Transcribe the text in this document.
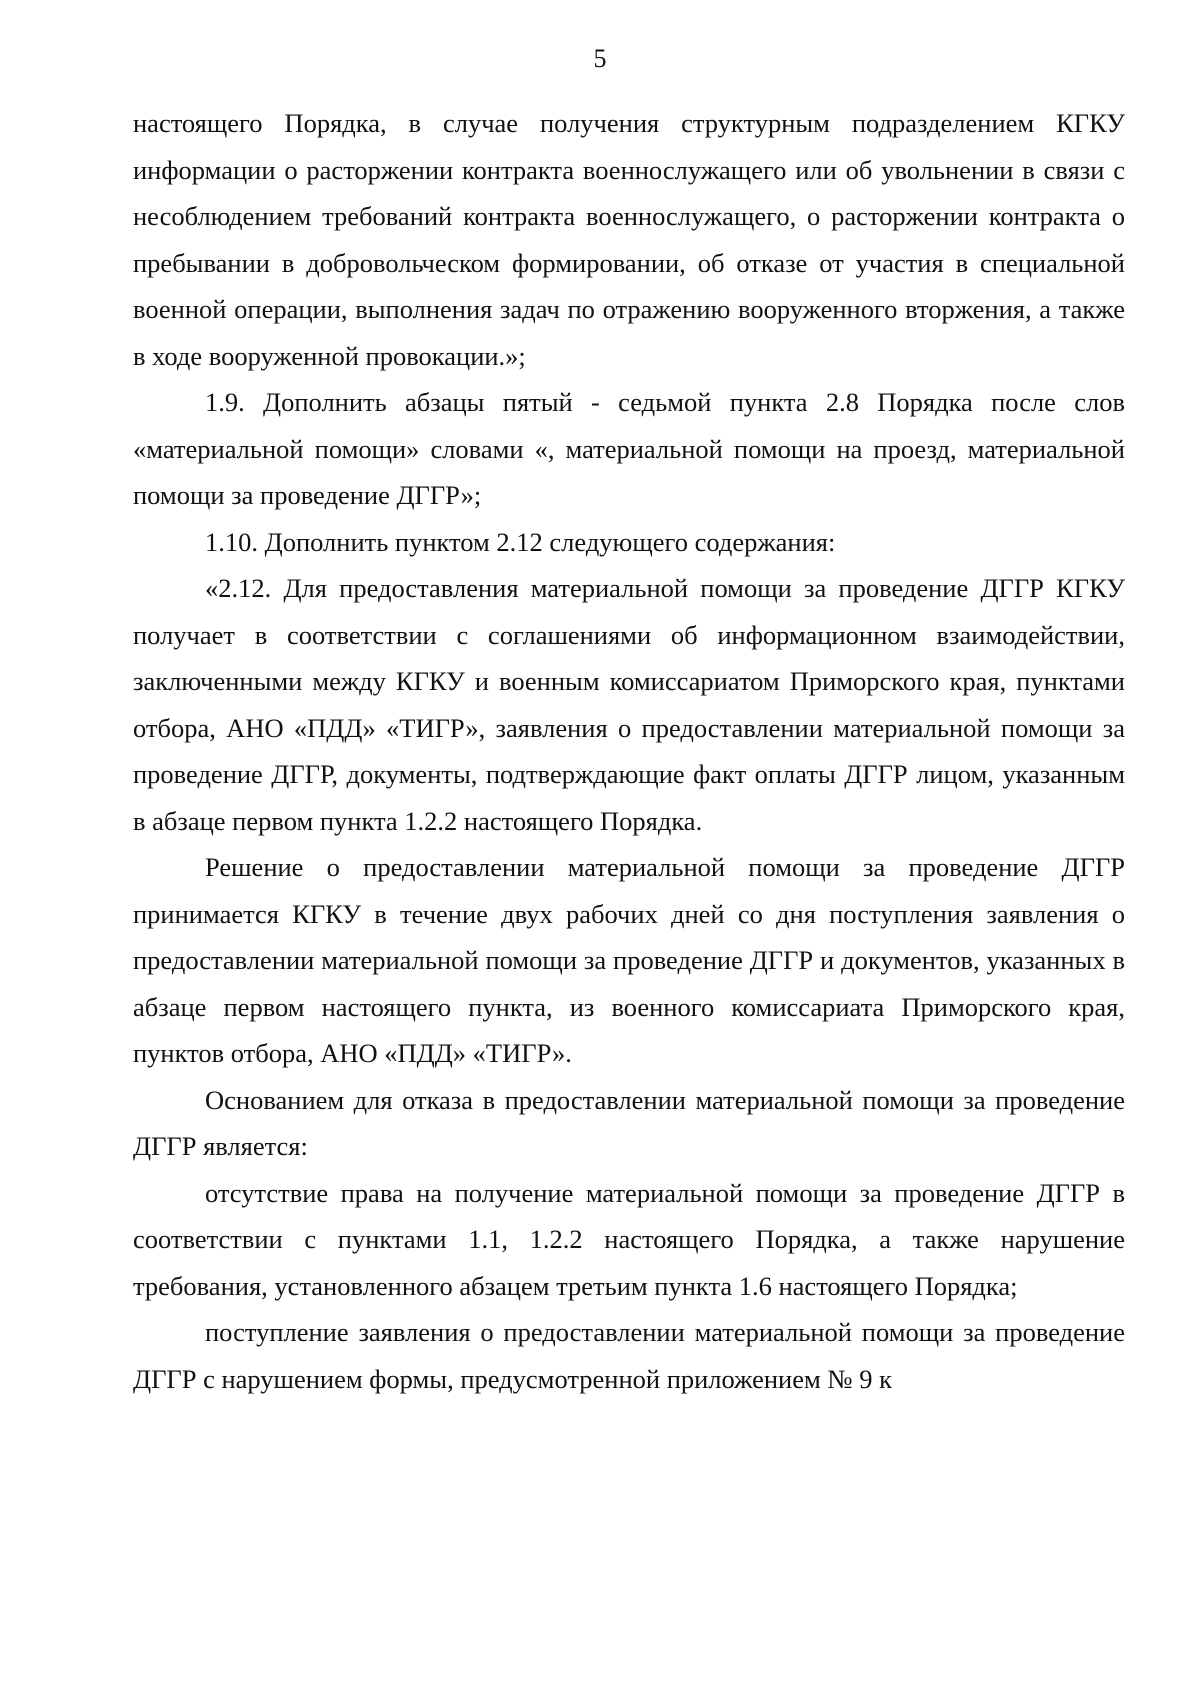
5

настоящего Порядка, в случае получения структурным подразделением КГКУ информации о расторжении контракта военнослужащего или об увольнении в связи с несоблюдением требований контракта военнослужащего, о расторжении контракта о пребывании в добровольческом формировании, об отказе от участия в специальной военной операции, выполнения задач по отражению вооруженного вторжения, а также в ходе вооруженной провокации.»;

1.9. Дополнить абзацы пятый - седьмой пункта 2.8 Порядка после слов «материальной помощи» словами «, материальной помощи на проезд, материальной помощи за проведение ДГГР»;

1.10. Дополнить пунктом 2.12 следующего содержания:

«2.12. Для предоставления материальной помощи за проведение ДГГР КГКУ получает в соответствии с соглашениями об информационном взаимодействии, заключенными между КГКУ и военным комиссариатом Приморского края, пунктами отбора, АНО «ПДД» «ТИГР», заявления о предоставлении материальной помощи за проведение ДГГР, документы, подтверждающие факт оплаты ДГГР лицом, указанным в абзаце первом пункта 1.2.2 настоящего Порядка.

Решение о предоставлении материальной помощи за проведение ДГГР принимается КГКУ в течение двух рабочих дней со дня поступления заявления о предоставлении материальной помощи за проведение ДГГР и документов, указанных в абзаце первом настоящего пункта, из военного комиссариата Приморского края, пунктов отбора, АНО «ПДД» «ТИГР».

Основанием для отказа в предоставлении материальной помощи за проведение ДГГР является:

отсутствие права на получение материальной помощи за проведение ДГГР в соответствии с пунктами 1.1, 1.2.2 настоящего Порядка, а также нарушение требования, установленного абзацем третьим пункта 1.6 настоящего Порядка;

поступление заявления о предоставлении материальной помощи за проведение ДГГР с нарушением формы, предусмотренной приложением № 9 к
